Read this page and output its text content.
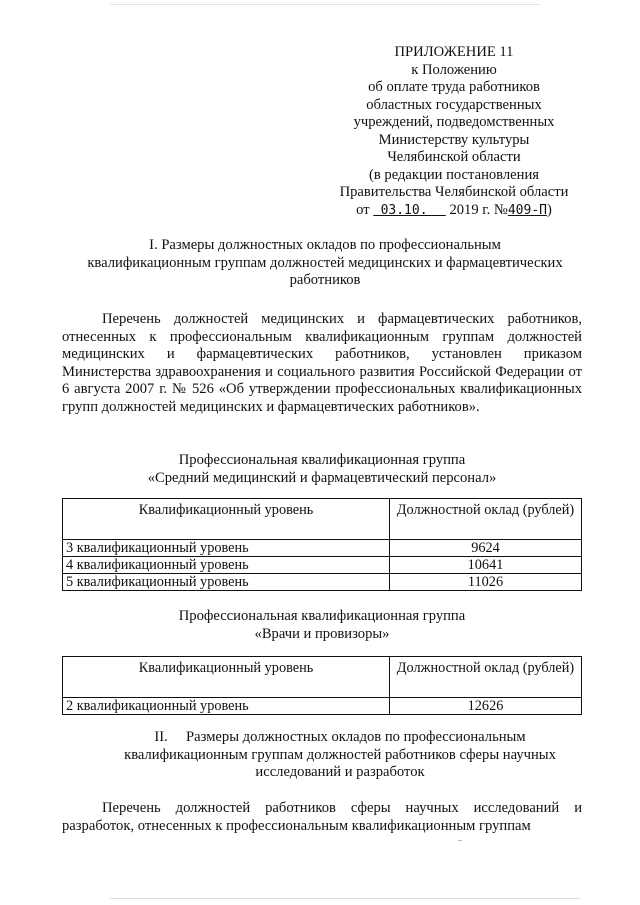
ПРИЛОЖЕНИЕ 11
к Положению
об оплате труда работников
областных государственных
учреждений, подведомственных
Министерству культуры
Челябинской области
(в редакции постановления
Правительства Челябинской области
от 03.10. 2019 г. №409-П)
I. Размеры должностных окладов по профессиональным
квалификационным группам должностей медицинских и фармацевтических
работников
Перечень должностей медицинских и фармацевтических работников, отнесенных к профессиональным квалификационным группам должностей медицинских и фармацевтических работников, установлен приказом Министерства здравоохранения и социального развития Российской Федерации от 6 августа 2007 г. № 526 «Об утверждении профессиональных квалификационных групп должностей медицинских и фармацевтических работников».
Профессиональная квалификационная группа
«Средний медицинский и фармацевтический персонал»
Квалификационный уровень	Должностной оклад (рублей)
3 квалификационный уровень	9624
4 квалификационный уровень	10641
5 квалификационный уровень	11026
Профессиональная квалификационная группа
«Врачи и провизоры»
Квалификационный уровень	Должностной оклад (рублей)
2 квалификационный уровень	12626
II. Размеры должностных окладов по профессиональным
квалификационным группам должностей работников сферы научных
исследований и разработок
Перечень должностей работников сферы научных исследований и разработок, отнесенных к профессиональным квалификационным группам
